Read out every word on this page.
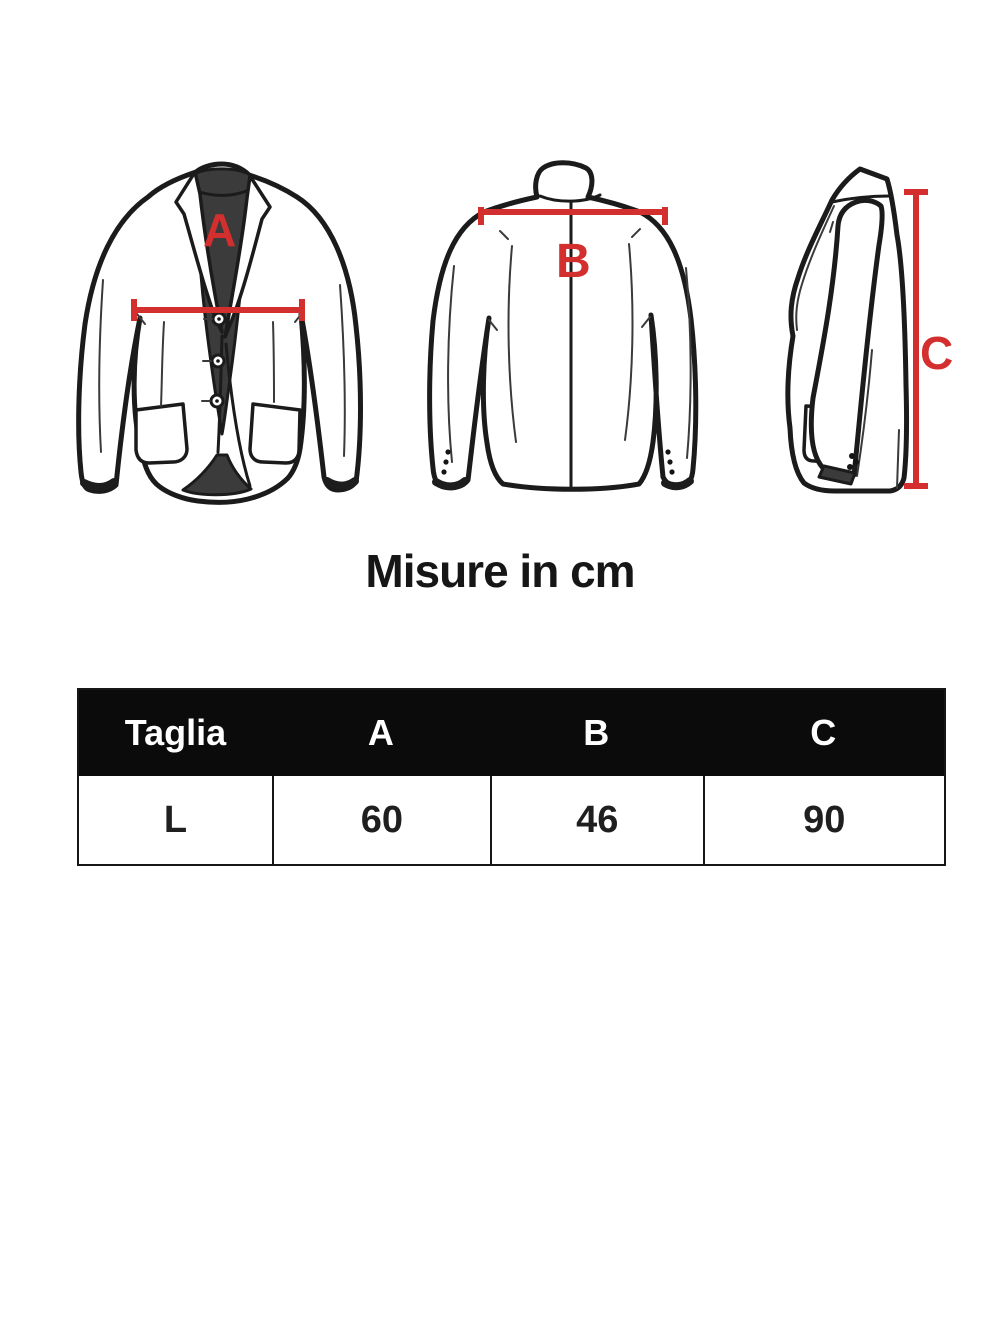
A
B
C
Misure in cm
Taglia	A	B	C
L	60	46	90
